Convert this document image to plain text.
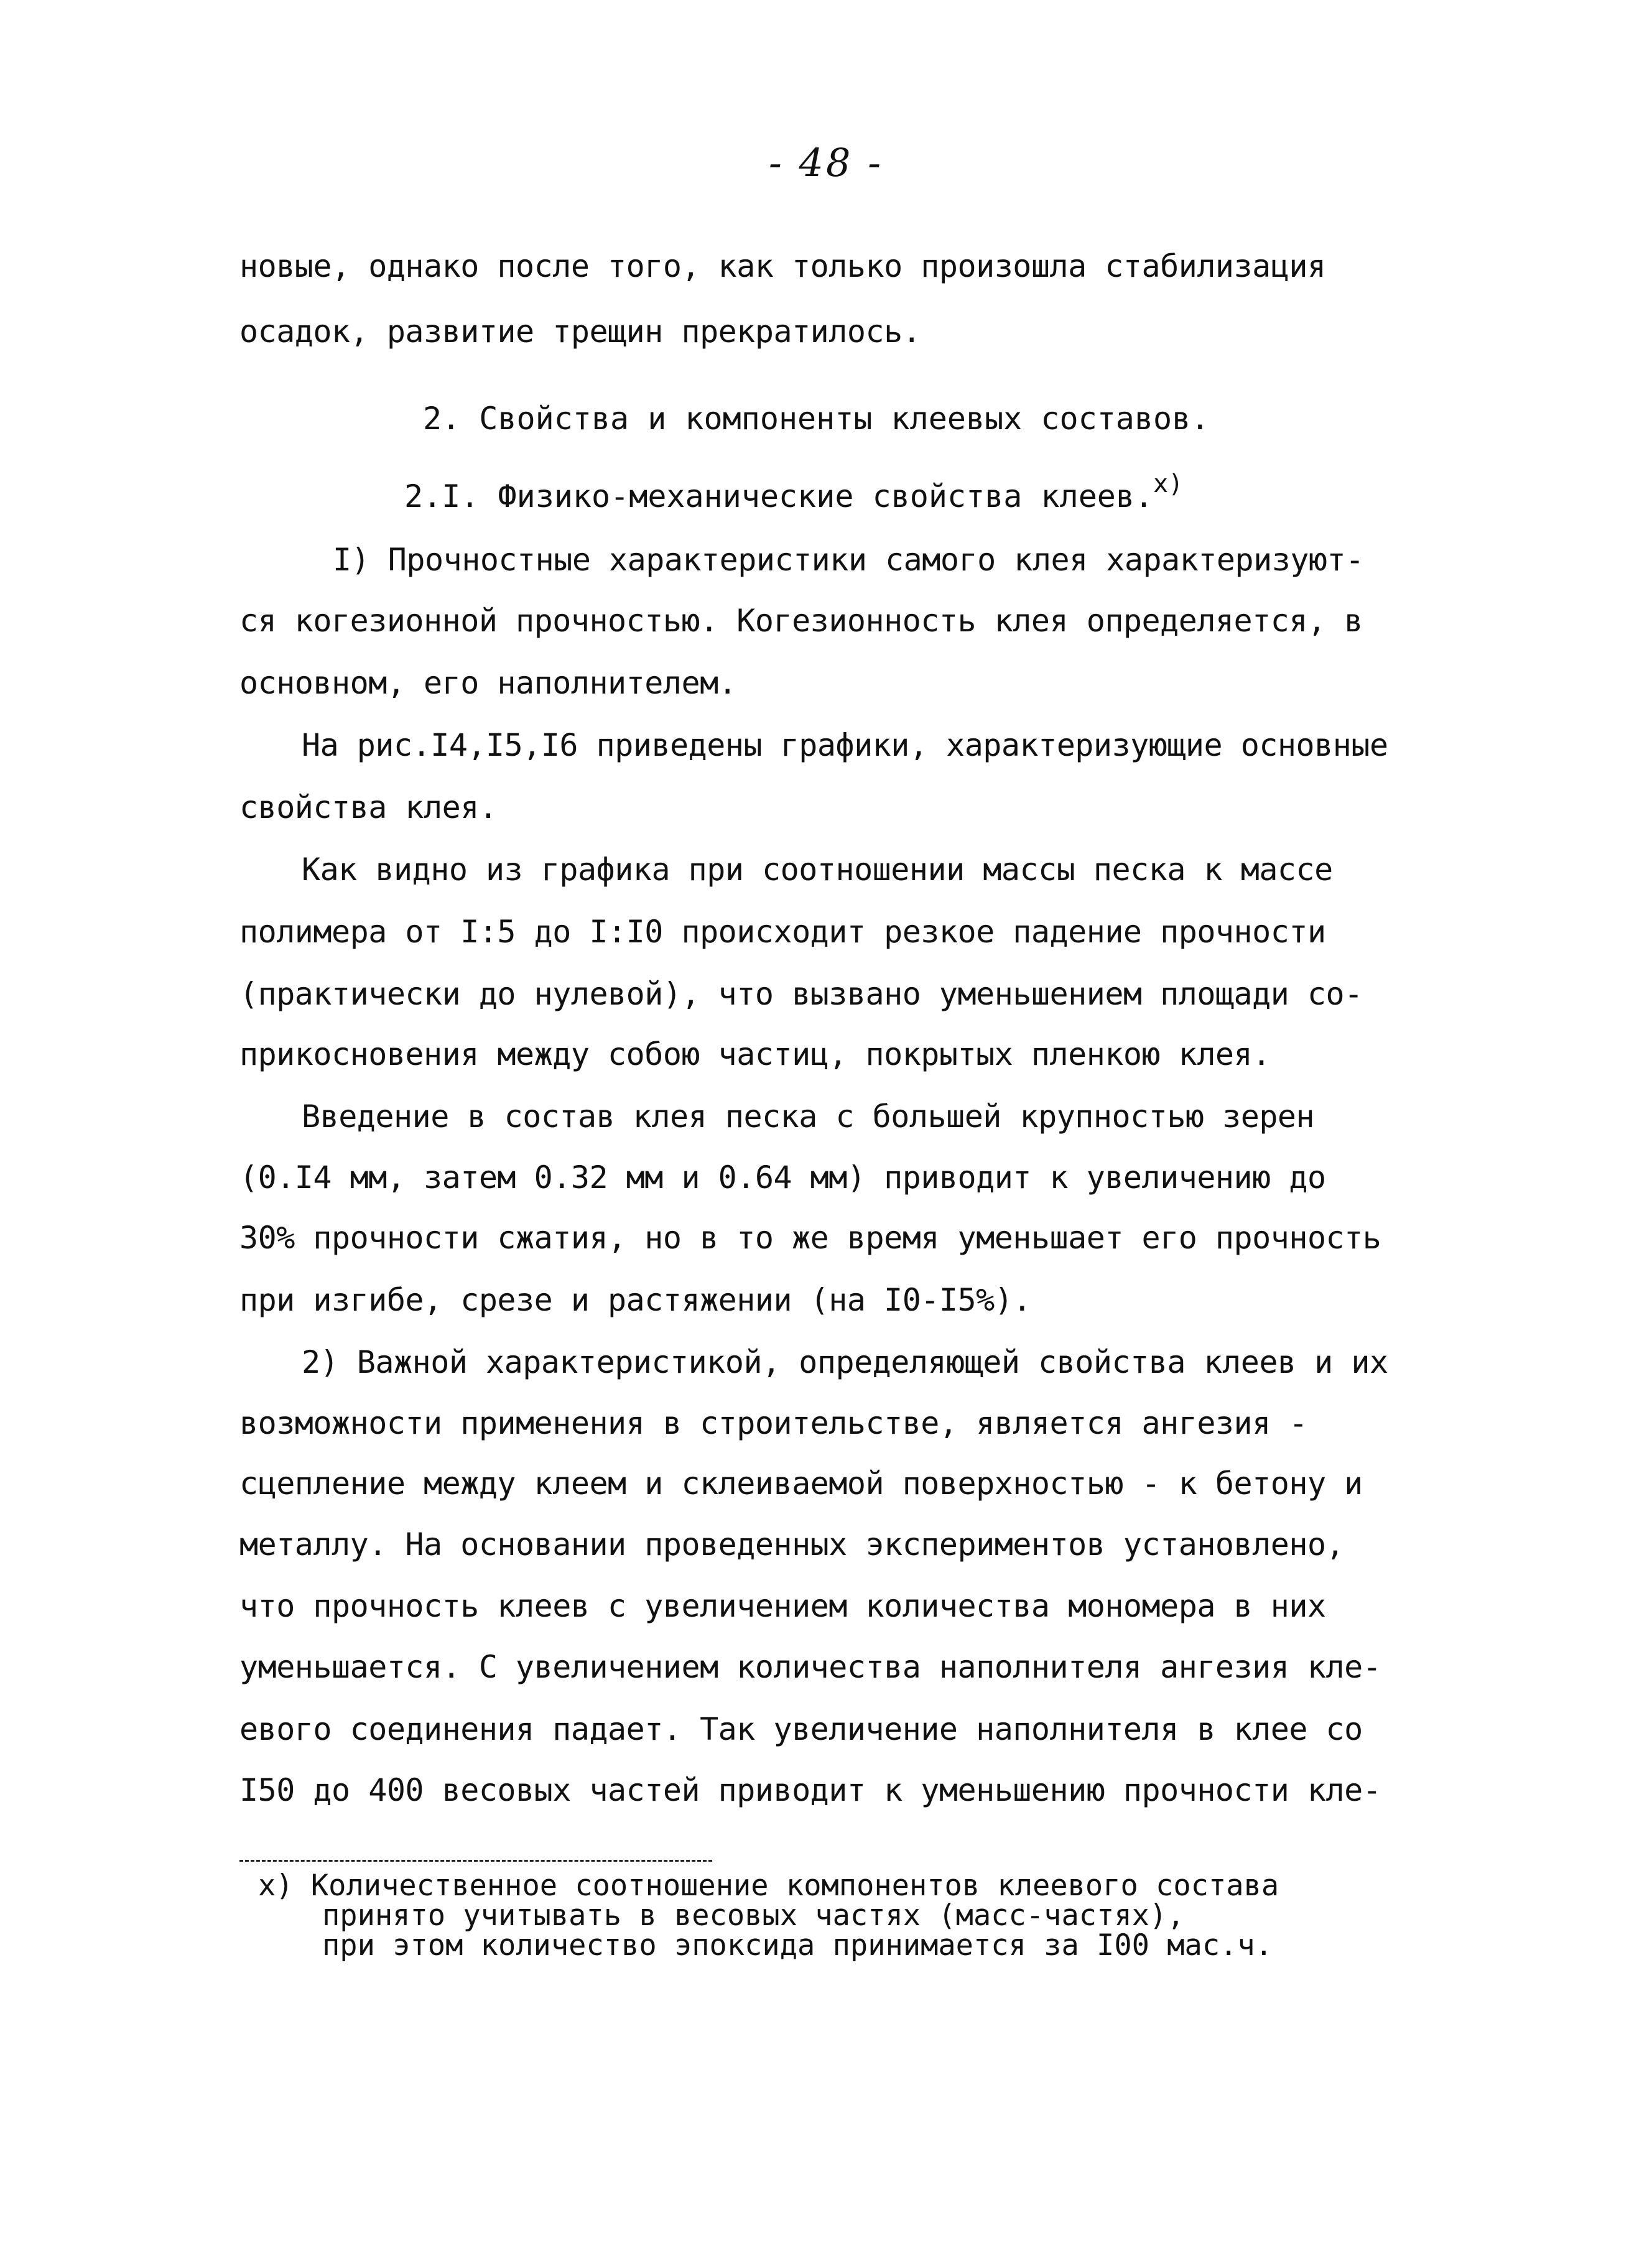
- 48 -
новые, однако после того, как только произошла стабилизация
осадок, развитие трещин прекратилось.
2. Свойства и компоненты клеевых составов.
2.I. Физико-механические свойства клеев.$^{x)}$
I) Прочностные характеристики самого клея характеризуют-
ся когезионной прочностью. Когезионность клея определяется, в
основном, его наполнителем.
На рис.I4,I5,I6 приведены графики, характеризующие основные
свойства клея.
Как видно из графика при соотношении массы песка к массе
полимера от I:5 до I:I0 происходит резкое падение прочности
(практически до нулевой), что вызвано уменьшением площади со-
прикосновения между собою частиц, покрытых пленкою клея.
Введение в состав клея песка с большей крупностью зерен
(0.I4 мм, затем 0.32 мм и 0.64 мм) приводит к увеличению до
30% прочности сжатия, но в то же время уменьшает его прочность
при изгибе, срезе и растяжении (на I0-I5%).
2) Важной характеристикой, определяющей свойства клеев и их
возможности применения в строительстве, является ангезия -
сцепление между клеем и склеиваемой поверхностью - к бетону и
металлу. На основании проведенных экспериментов установлено,
что прочность клеев с увеличением количества мономера в них
уменьшается. С увеличением количества наполнителя ангезия кле-
евого соединения падает. Так увеличение наполнителя в клее со
I50 до 400 весовых частей приводит к уменьшению прочности кле-
x) Количественное соотношение компонентов клеевого состава
принято учитывать в весовых частях (масс-частях),
при этом количество эпоксида принимается за I00 мас.ч.
